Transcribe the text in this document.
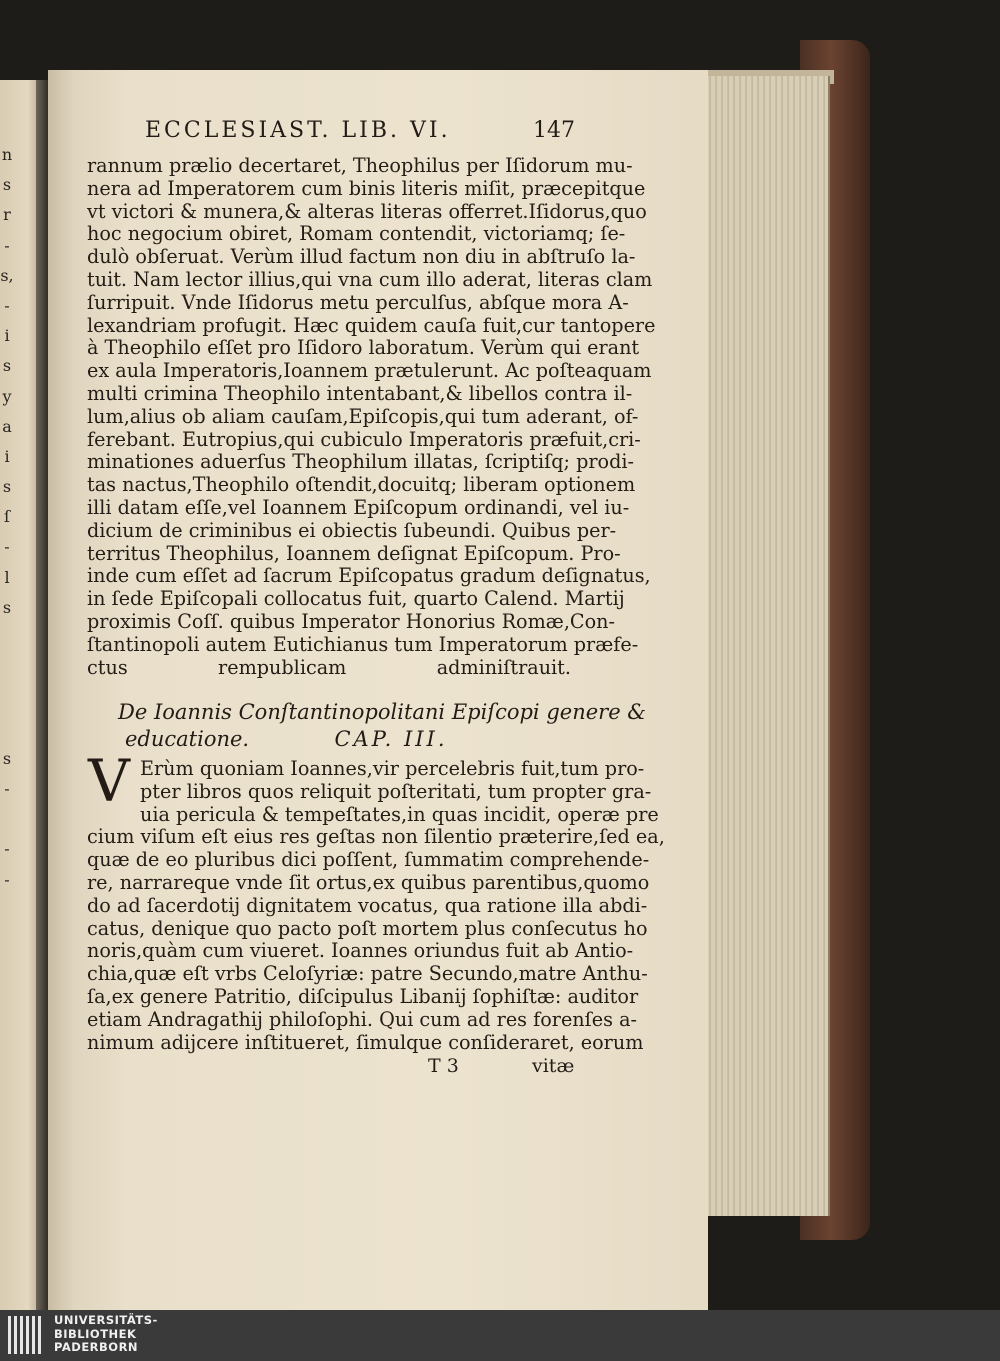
n
s
r
-
s,
-
i
s
y
a
i
s
ſ
-
l
s
s
-
-
-
ECCLESIAST. LIB. VI.	147
rannum prælio decertaret, Theophilus per Iſidorum mu-
nera ad Imperatorem cum binis literis miſit, præcepitque
vt victori & munera,& alteras literas offerret.Iſidorus,quo
hoc negocium obiret, Romam contendit, victoriamq; ſe-
dulò obſeruat. Verùm illud factum non diu in abſtruſo la-
tuit. Nam lector illius,qui vna cum illo aderat, literas clam
ſurripuit. Vnde Iſidorus metu perculſus, abſque mora A-
lexandriam profugit. Hæc quidem cauſa fuit,cur tantopere
à Theophilo eſſet pro Iſidoro laboratum. Verùm qui erant
ex aula Imperatoris,Ioannem prætulerunt. Ac poſteaquam
multi crimina Theophilo intentabant,& libellos contra il-
lum,alius ob aliam cauſam,Epiſcopis,qui tum aderant, of-
ferebant. Eutropius,qui cubiculo Imperatoris præfuit,cri-
minationes aduerſus Theophilum illatas, ſcriptiſq; prodi-
tas nactus,Theophilo oſtendit,docuitq; liberam optionem
illi datam eſſe,vel Ioannem Epiſcopum ordinandi, vel iu-
dicium de criminibus ei obiectis ſubeundi. Quibus per-
territus Theophilus, Ioannem deſignat Epiſcopum. Pro-
inde cum eſſet ad ſacrum Epiſcopatus gradum deſignatus,
in ſede Epiſcopali collocatus fuit, quarto Calend. Martij
proximis Coſſ. quibus Imperator Honorius Romæ,Con-
ſtantinopoli autem Eutichianus tum Imperatorum præfe-
ctus rempublicam adminiſtrauit.
De Ioannis Conſtantinopolitani Epiſcopi genere &
educatione.	CAP. III.
V Erùm quoniam Ioannes,vir percelebris fuit,tum pro-
pter libros quos reliquit poſteritati, tum propter gra-
uia pericula & tempeſtates,in quas incidit, operæ pre
cium viſum eſt eius res geſtas non ſilentio præterire,ſed ea,
quæ de eo pluribus dici poſſent, ſummatim comprehende-
re, narrareque vnde ſit ortus,ex quibus parentibus,quomo
do ad ſacerdotij dignitatem vocatus, qua ratione illa abdi-
catus, denique quo pacto poſt mortem plus conſecutus ho
noris,quàm cum viueret. Ioannes oriundus fuit ab Antio-
chia,quæ eſt vrbs Celoſyriæ: patre Secundo,matre Anthu-
ſa,ex genere Patritio, diſcipulus Libanij ſophiſtæ: auditor
etiam Andragathij philoſophi. Qui cum ad res forenſes a-
nimum adijcere inſtitueret, ſimulque conſideraret, eorum
T 3	vitæ
UNIVERSITÄTS-
BIBLIOTHEK
PADERBORN
